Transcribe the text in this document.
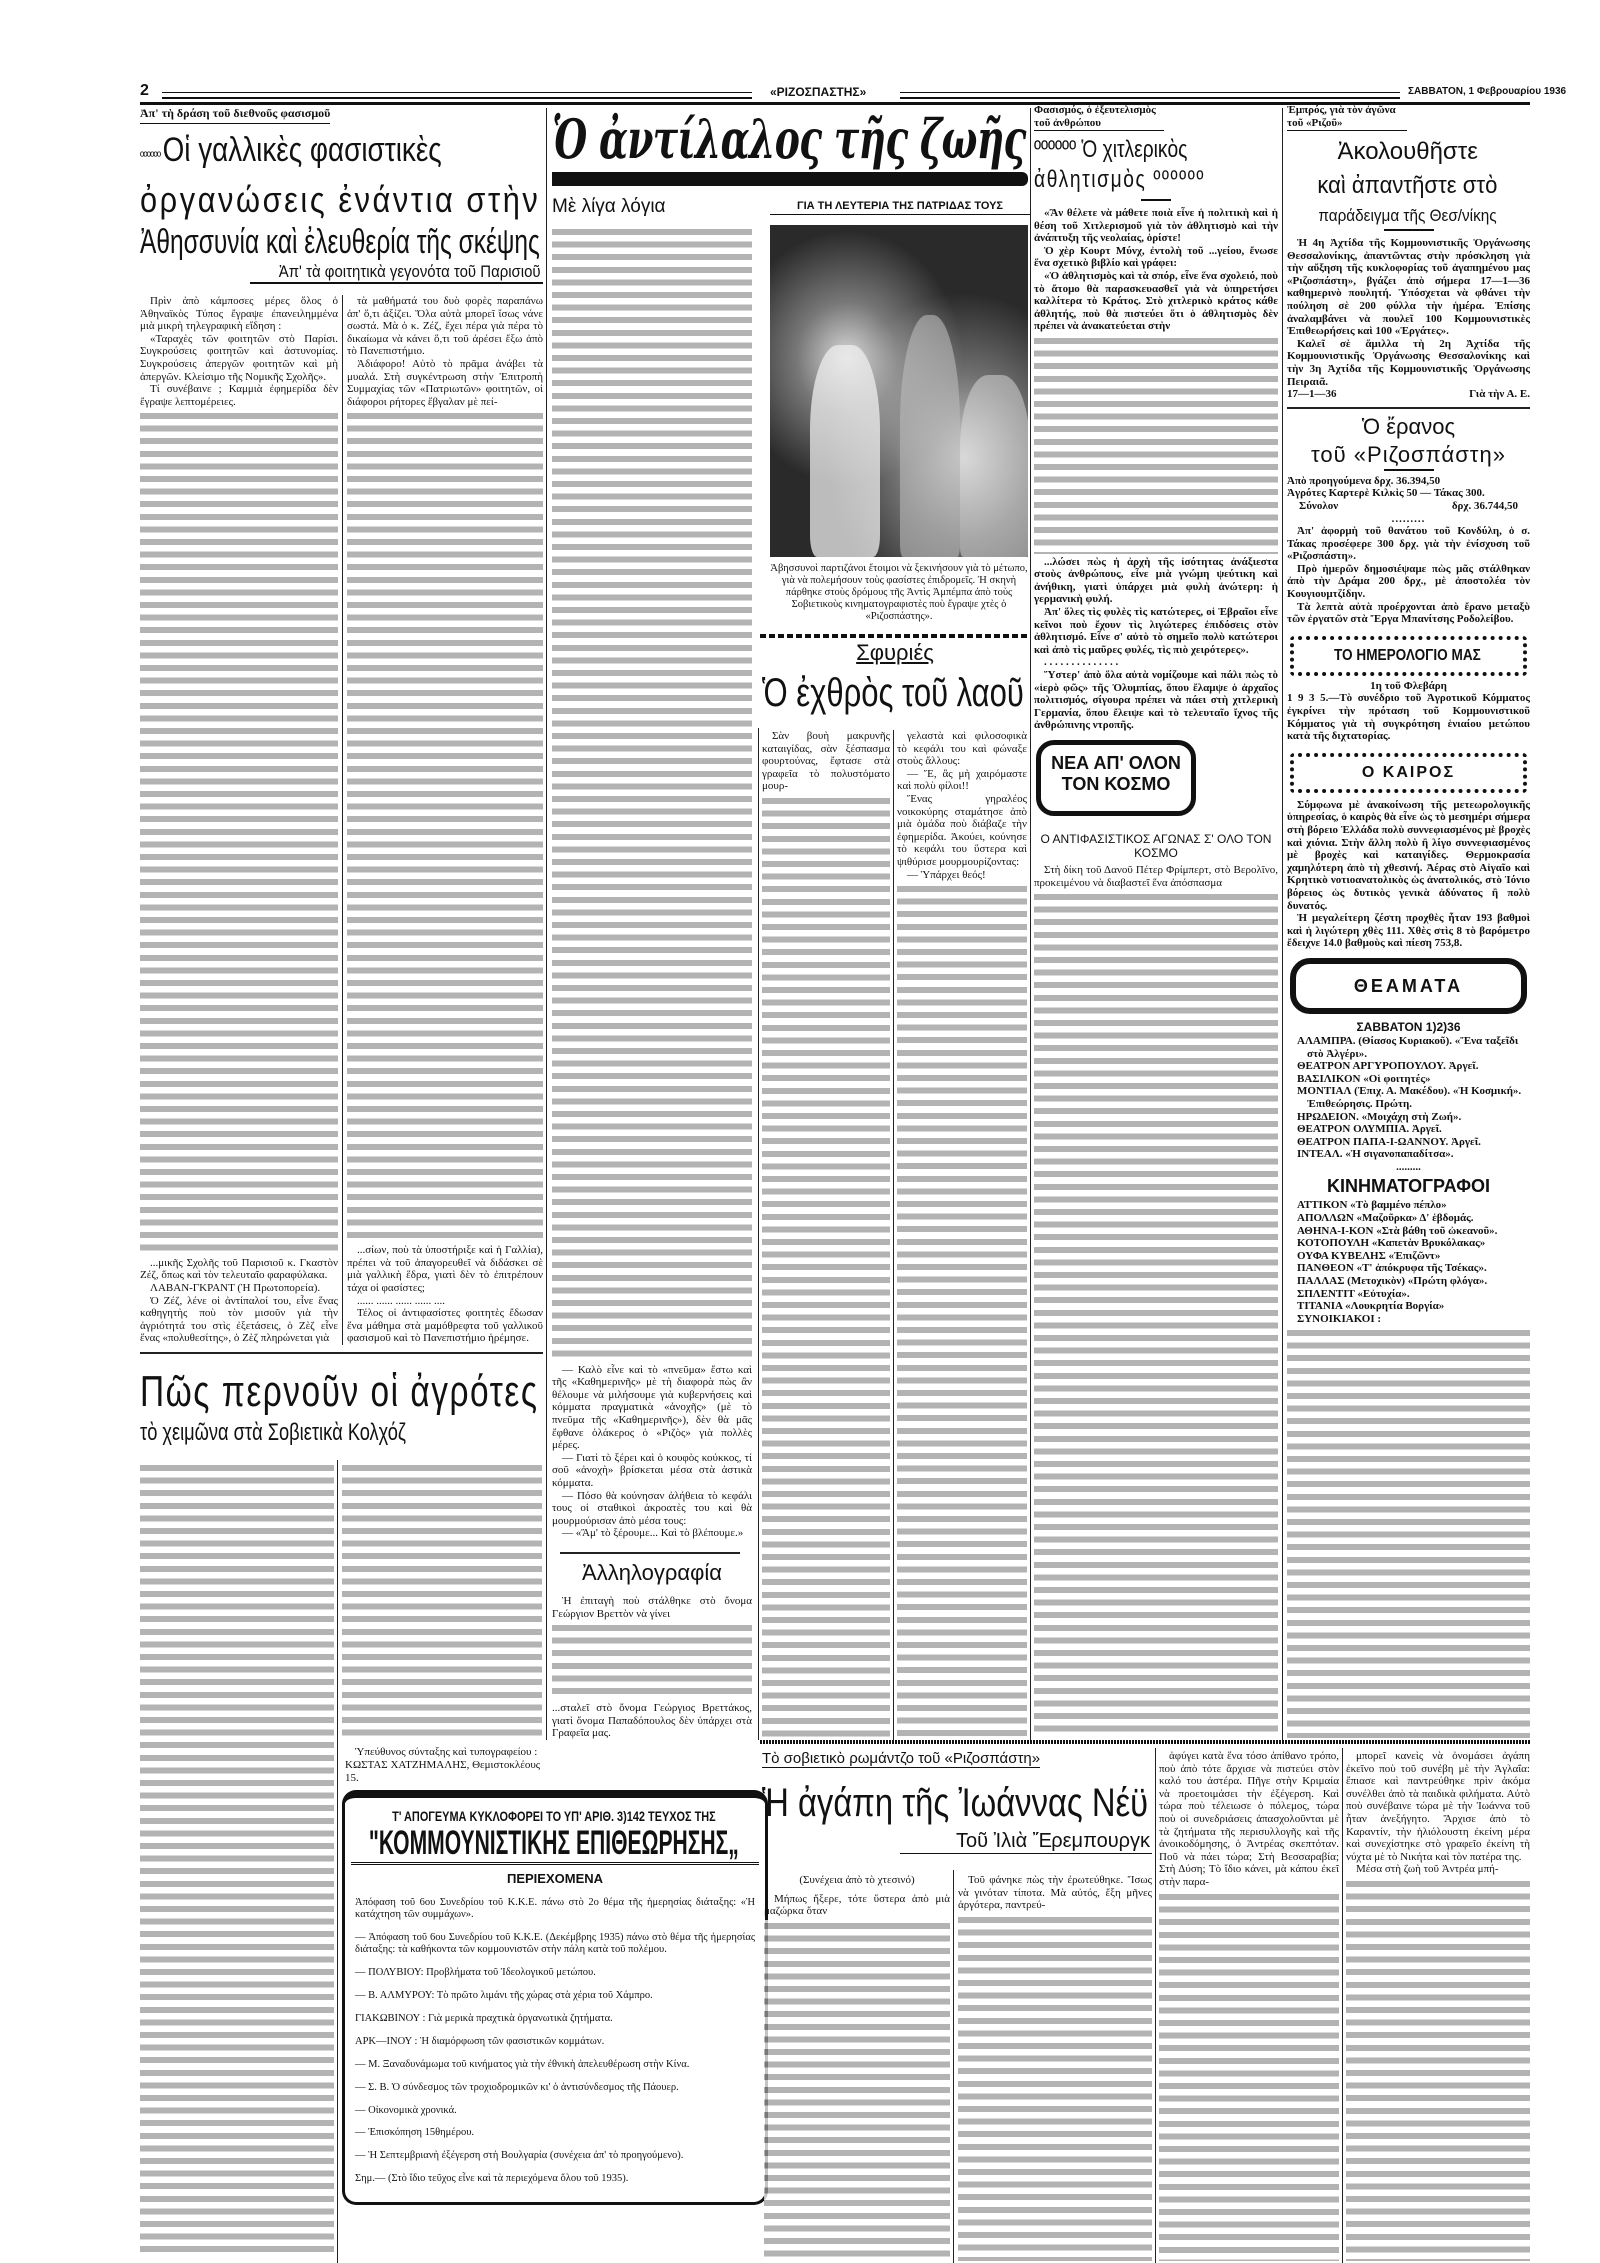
2	«ΡΙΖΟΣΠΑΣΤΗΣ»	ΣΑΒΒΑΤΟΝ, 1 Φεβρουαρίου 1936
Ἀπ' τὴ δράση τοῦ διεθνοῦς φασισμοῦ
ºººººº Οἱ γαλλικὲς φασιστικὲς
ὀργανώσεις ἐνάντια στὴν
Ἀθησσυνία καὶ ἐλευθερία τῆς σκέψης
Ἀπ' τὰ φοιτητικὰ γεγονότα τοῦ Παρισιοῦ

Πρὶν ἀπὸ κάμποσες μέρες ὅλος ὁ Ἀθηναϊκὸς Τύπος ἔγραψε ἐπανειλημμένα μιὰ μικρὴ τηλεγραφικὴ εἴδηση :

«Ταραχὲς τῶν φοιτητῶν στὸ Παρίσι. Συγκρούσεις φοιτητῶν καὶ ἀστυνομίας. Συγκρούσεις ἀπεργῶν φοιτητῶν καὶ μὴ ἀπεργῶν. Κλείσιμο τῆς Νομικῆς Σχολῆς».

Τί συνέβαινε ; Καμμιὰ ἐφημερίδα δὲν ἔγραψε λεπτομέρειες.

...μικῆς Σχολῆς τοῦ Παρισιοῦ κ. Γκαστὸν Ζέζ, ὅπως καὶ τὸν τελευταῖο φαραφύλακα.

ΛΑΒΑΝ-ΓΚΡΑΝΤ (Ἡ Πρωτοπορεία).

Ὁ Ζέζ, λένε οἱ ἀντίπαλοί του, εἶνε ἕνας καθηγητὴς ποὺ τὸν μισοῦν γιὰ τὴν ἀγριότητά του στὶς ἐξετάσεις, ὁ Ζὲζ εἶνε ἕνας «πολυθεσίτης», ὁ Ζὲζ πληρώνεται γιὰ

τὰ μαθήματά του δυὸ φορὲς παραπάνω ἀπ' ὅ,τι ἀξίζει. Ὅλα αὐτὰ μπορεῖ ἴσως νάνε σωστά. Μὰ ὁ κ. Ζέζ, ἔχει πέρα γιὰ πέρα τὸ δικαίωμα νὰ κάνει ὅ,τι τοῦ ἀρέσει ἔξω ἀπὸ τὸ Πανεπιστήμιο.

Ἀδιάφορο! Αὐτὸ τὸ πρᾶμα ἀνάβει τὰ μυαλά. Στὴ συγκέντρωση στὴν Ἐπιτροπὴ Συμμαχίας τῶν «Πατριωτῶν» φοιτητῶν, οἱ διάφοροι ρήτορες ἔβγαλαν μὲ πεί-

...σίων, ποὺ τὰ ὑποστήριξε καὶ ἡ Γαλλία), πρέπει νὰ τοῦ ἀπαγορευθεῖ νὰ διδάσκει σὲ μιὰ γαλλικὴ ἕδρα, γιατὶ δὲν τὸ ἐπιτρέπουν τάχα οἱ φασίστες;

...... ...... ...... ...... ....

Τέλος οἱ ἀντιφασίστες φοιτητὲς ἔδωσαν ἕνα μάθημα στὰ μαμόθρεφτα τοῦ γαλλικοῦ φασισμοῦ καὶ τὸ Πανεπιστήμιο ἡρέμησε.

Πῶς περνοῦν οἱ ἀγρότες
τὸ χειμῶνα στὰ Σοβιετικὰ Κολχόζ
Ὑπεύθυνος σύνταξης καὶ τυπογραφείου : ΚΩΣΤΑΣ ΧΑΤΖΗΜΑΛΗΣ, Θεμιστοκλέους 15.
Τ' ΑΠΟΓΕΥΜΑ ΚΥΚΛΟΦΟΡΕΙ ΤΟ ΥΠ' ΑΡΙΘ. 3)142 ΤΕΥΧΟΣ ΤΗΣ
"ΚΟΜΜΟΥΝΙΣΤΙΚΗΣ ΕΠΙΘΕΩΡΗΣΗΣ„
ΠΕΡΙΕΧΟΜΕΝΑ

Ἀπόφαση τοῦ 6ου Συνεδρίου τοῦ Κ.Κ.Ε. πάνω στὸ 2ο θέμα τῆς ἡμερησίας διάταξης: «Ἡ κατάχτηση τῶν συμμάχων».

— Ἀπόφαση τοῦ 6ου Συνεδρίου τοῦ Κ.Κ.Ε. (Δεκέμβρης 1935) πάνω στὸ θέμα τῆς ἡμερησίας διάταξης: τὰ καθήκοντα τῶν κομμουνιστῶν στὴν πάλη κατὰ τοῦ πολέμου.

— ΠΟΛΥΒΙΟΥ: Προβλήματα τοῦ Ἰδεολογικοῦ μετώπου.

— Β. ΑΛΜΥΡΟΥ: Τὸ πρῶτο λιμάνι τῆς χώρας στὰ χέρια τοῦ Χάμπρο.

ΓΙΑΚΩΒΙΝΟΥ : Γιὰ μερικὰ πραχτικὰ ὀργανωτικὰ ζητήματα.

ΑΡΚ—ΙΝΟΥ : Ἡ διαμόρφωση τῶν φασιστικῶν κομμάτων.

— Μ. Ξαναδυνάμωμα τοῦ κινήματος γιὰ τὴν ἐθνικὴ ἀπελευθέρωση στὴν Κίνα.

— Σ. Β. Ὁ σύνδεσμος τῶν τροχιοδρομικῶν κι' ὁ ἀντισύνδεσμος τῆς Πάουερ.

— Οἰκονομικὰ χρονικά.

— Ἐπισκόπηση 15θημέρου.

— Ἡ Σεπτεμβριανὴ ἐξέγερση στὴ Βουλγαρία (συνέχεια ἀπ' τὸ προηγούμενο).

Σημ.— (Στὸ ἴδιο τεῦχος εἶνε καὶ τὰ περιεχόμενα ὅλου τοῦ 1935).

Ὁ ἀντίλαλος τῆς ζωῆς
Μὲ λίγα λόγια

— Καλὸ εἶνε καὶ τὸ «πνεῦμα» ἔστω καὶ τῆς «Καθημερινῆς» μὲ τὴ διαφορὰ πὼς ἂν θέλουμε νὰ μιλήσουμε γιὰ κυβερνήσεις καὶ κόμματα πραγματικὰ «ἀνοχῆς» (μὲ τὸ πνεῦμα τῆς «Καθημερινῆς»), δὲν θὰ μᾶς ἔφθανε ὁλάκερος ὁ «Ριζὸς» γιὰ πολλὲς μέρες.

— Γιατὶ τὸ ξέρει καὶ ὁ κουφὸς κούκκος, τί σοῦ «ἀνοχὴ» βρίσκεται μέσα στὰ ἀστικὰ κόμματα.

— Πόσο θὰ κούνησαν ἀλήθεια τὸ κεφάλι τους οἱ σταθικοὶ ἀκροατὲς του καὶ θὰ μουρμούρισαν ἀπὸ μέσα τους:

— «Ἄμ' τὸ ξέρουμε... Καὶ τὸ βλέπουμε.»

Ἀλληλογραφία

Ἡ ἐπιταγὴ ποὺ στάλθηκε στὸ ὄνομα Γεώργιον Βρεττὸν νὰ γίνει

...σταλεῖ στὸ ὄνομα Γεώργιος Βρεττάκος, γιατὶ ὄνομα Παπαδόπουλος δὲν ὑπάρχει στὰ Γραφεῖα μας.

ΓΙΑ ΤΗ ΛΕΥΤΕΡΙΑ ΤΗΣ ΠΑΤΡΙΔΑΣ ΤΟΥΣ
Ἀβησσυνοὶ παρτιζάνοι ἕτοιμοι νὰ ξεκινήσουν γιὰ τὸ μέτωπο, γιὰ νὰ πολεμήσουν τοὺς φασίστες ἐπιδρομεῖς. Ἡ σκηνὴ πάρθηκε στοὺς δρόμους τῆς Ἀντὶς Ἀμπέμπα ἀπὸ τοὺς Σοβιετικοὺς κινηματογραφιστὲς ποὺ ἔγραψε χτὲς ὁ «Ριζοσπάστης».
Σφυριές
Ὁ ἐχθρὸς τοῦ λαοῦ

Σὰν βουὴ μακρυνῆς καταιγίδας, σὰν ξέσπασμα φουρτούνας, ἔφτασε στὰ γραφεῖα τὸ πολυστόματο μουρ-

γελαστὰ καὶ φιλοσοφικὰ τὸ κεφάλι του καὶ φώναξε στοὺς ἄλλους:

— Ἔ, ἂς μὴ χαιρόμαστε καὶ πολὺ φίλοι!!

Ἕνας γηραλέος νοικοκύρης σταμάτησε ἀπὸ μιὰ ὁμάδα ποὺ διάβαζε τὴν ἐφημερίδα. Ἀκούει, κούνησε τὸ κεφάλι του ὕστερα καὶ ψιθύρισε μουρμουρίζοντας:

— Ὑπάρχει θεός!

Φασισμός, ὁ ἐξευτελισμὸς τοῦ ἀνθρώπου
ºººººº Ὁ χιτλερικὸς
ἀθλητισμὸς ºººººº

«Ἂν θέλετε νὰ μάθετε ποιὰ εἶνε ἡ πολιτικὴ καὶ ἡ θέση τοῦ Χιτλερισμοῦ γιὰ τὸν ἀθλητισμὸ καὶ τὴν ἀνάπτυξη τῆς νεολαίας, ὁρίστε!

Ὁ χὲρ Κουρτ Μύνχ, ἐντολὴ τοῦ ...γείου, ἔνωσε ἕνα σχετικὸ βιβλίο καὶ γράφει:

«Ὁ ἀθλητισμὸς καὶ τὰ σπόρ, εἶνε ἕνα σχολειό, ποὺ τὸ ἄτομο θὰ παρασκευασθεῖ γιὰ νὰ ὑπηρετήσει καλλίτερα τὸ Κράτος. Στὸ χιτλερικὸ κράτος κάθε ἀθλητής, ποὺ θὰ πιστεύει ὅτι ὁ ἀθλητισμὸς δὲν πρέπει νὰ ἀνακατεύεται στὴν

...λώσει πὼς ἡ ἀρχὴ τῆς ἰσότητας ἀνάξιεστα στοὺς ἀνθρώπους, εἶνε μιὰ γνώμη ψεύτικη καὶ ἀνήθικη, γιατὶ ὑπάρχει μιὰ φυλὴ ἀνώτερη: ἡ γερμανικὴ φυλή.

Ἀπ' ὅλες τὶς φυλὲς τὶς κατώτερες, οἱ Ἑβραῖοι εἶνε κεῖνοι ποὺ ἔχουν τὶς λιγώτερες ἐπιδόσεις στὸν ἀθλητισμό. Εἶνε σ' αὐτὸ τὸ σημεῖο πολὺ κατώτεροι καὶ ἀπὸ τὶς μαῦρες φυλές, τὶς πιὸ χειρότερες».

. . . . . . . . . . . . . .

Ὕστερ' ἀπὸ ὅλα αὐτὰ νομίζουμε καὶ πάλι πὼς τὸ «ἱερὸ φῶς» τῆς Ὀλυμπίας, ὅπου ἔλαμψε ὁ ἀρχαῖος πολιτισμός, σίγουρα πρέπει νὰ πάει στὴ χιτλερικὴ Γερμανία, ὅπου ἔλειψε καὶ τὸ τελευταῖο ἴχνος τῆς ἀνθρώπινης ντροπῆς.

ΝΕΑ ΑΠ' ΟΛΟΝ
ΤΟΝ ΚΟΣΜΟ
Ο ΑΝΤΙΦΑΣΙΣΤΙΚΟΣ ΑΓΩΝΑΣ Σ' ΟΛΟ ΤΟΝ ΚΟΣΜΟ

Στὴ δίκη τοῦ Δανοῦ Πέτερ Φρίμπερτ, στὸ Βερολῖνο, προκειμένου νὰ διαβαστεῖ ἕνα ἀπόσπασμα

Ἐμπρός, γιὰ τὸν ἀγῶνα τοῦ «Ριζοῦ»
Ἀκολουθῆστε
καὶ ἀπαντῆστε στὸ
παράδειγμα τῆς Θεσ/νίκης

Ἡ 4η Ἀχτίδα τῆς Κομμουνιστικῆς Ὀργάνωσης Θεσσαλονίκης, ἀπαντῶντας στὴν πρόσκληση γιὰ τὴν αὔξηση τῆς κυκλοφορίας τοῦ ἀγαπημένου μας «Ριζοσπάστη», βγάζει ἀπὸ σήμερα 17—1—36 καθημερινὸ πουλητή. Ὑπόσχεται νὰ φθάνει τὴν πούληση σὲ 200 φύλλα τὴν ἡμέρα. Ἐπίσης ἀναλαμβάνει νὰ πουλεῖ 100 Κομμουνιστικὲς Ἐπιθεωρήσεις καὶ 100 «Ἐργάτες».

Καλεῖ σὲ ἅμιλλα τὴ 2η Ἀχτίδα τῆς Κομμουνιστικῆς Ὀργάνωσης Θεσσαλονίκης καὶ τὴν 3η Ἀχτίδα τῆς Κομμουνιστικῆς Ὀργάνωσης Πειραιᾶ.

17—1—36	Γιὰ τὴν Α. Ε.
Ὁ ἔρανος
τοῦ «Ριζοσπάστη»
Ἀπὸ προηγούμενα δρχ. 36.394,50
Ἀγρότες Καρτερὲ Κιλκὶς 50 — Τάκας 300.
Σύνολον	δρχ. 36.744,50
.........

Ἀπ' ἀφορμὴ τοῦ θανάτου τοῦ Κονδύλη, ὁ σ. Τάκας προσέφερε 300 δρχ. γιὰ τὴν ἐνίσχυση τοῦ «Ριζοσπάστη».

Πρὸ ἡμερῶν δημοσιέψαμε πὼς μᾶς στάλθηκαν ἀπὸ τὴν Δράμα 200 δρχ., μὲ ἀποστολέα τὸν Κουγιουμτζίδην.

Τὰ λεπτὰ αὐτὰ προέρχονται ἀπὸ ἔρανο μεταξὺ τῶν ἐργατῶν στὰ Ἔργα Μπανίτσης Ροδολείβου.

ΤΟ ΗΜΕΡΟΛΟΓΙΟ ΜΑΣ
1η τοῦ Φλεβάρη
1 9 3 5.—Τὸ συνέδριο τοῦ Ἀγροτικοῦ Κόμματος ἐγκρίνει τὴν πρόταση τοῦ Κομμουνιστικοῦ Κόμματος γιὰ τὴ συγκρότηση ἑνιαίου μετώπου κατὰ τῆς διχτατορίας.
Ο ΚΑΙΡΟΣ

Σύμφωνα μὲ ἀνακοίνωση τῆς μετεωρολογικῆς ὑπηρεσίας, ὁ καιρὸς θὰ εἶνε ὡς τὸ μεσημέρι σήμερα στὴ βόρειο Ἑλλάδα πολὺ συννεφιασμένος μὲ βροχὲς καὶ χιόνια. Στὴν ἄλλη πολὺ ἢ λίγο συννεφιασμένος μὲ βροχὲς καὶ καταιγίδες. Θερμοκρασία χαμηλότερη ἀπὸ τὴ χθεσινή. Ἀέρας στὸ Αἰγαῖο καὶ Κρητικὸ νοτιοανατολικὸς ὡς ἀνατολικός, στὸ Ἰόνιο βόρειος ὡς δυτικὸς γενικὰ ἀδύνατος ἢ πολὺ δυνατός.

Ἡ μεγαλείτερη ζέστη προχθὲς ἦταν 193 βαθμοὶ καὶ ἡ λιγώτερη χθὲς 111. Χθὲς στὶς 8 τὸ βαρόμετρο ἔδειχνε 14.0 βαθμοὺς καὶ πίεση 753,8.

ΘΕΑΜΑΤΑ
ΣΑΒΒΑΤΟΝ 1)2)36
ΑΛΑΜΠΡΑ. (Θίασος Κυριακοῦ). «Ἕνα ταξεῖδι στὸ Ἀλγέρι».
ΘΕΑΤΡΟΝ ΑΡΓΥΡΟΠΟΥΛΟΥ. Ἀργεῖ.
ΒΑΣΙΛΙΚΟΝ «Οἱ φοιτητές»
ΜΟΝΤΙΑΛ (Ἐπιχ. Α. Μακέδου). «Ἡ Κοσμική». Ἐπιθεώρησις. Πρώτη.
ΗΡΩΔΕΙΟΝ. «Μοιχάχη στὴ Ζωή».
ΘΕΑΤΡΟΝ ΟΛΥΜΠΙΑ. Ἀργεῖ.
ΘΕΑΤΡΟΝ ΠΑΠΑ-Ι-ΩΑΝΝΟΥ. Ἀργεῖ.
ΙΝΤΕΑΛ. «Ἡ σιγανοπαπαδίτσα».
.........
ΚΙΝΗΜΑΤΟΓΡΑΦΟΙ
ΑΤΤΙΚΟΝ «Τὸ βαμμένο πέπλο»
ΑΠΟΛΛΩΝ «Μαζοῦρκα» Δ' ἑβδομάς.
ΑΘΗΝΑ-Ι-ΚΟΝ «Στὰ βάθη τοῦ ὠκεανοῦ».
ΚΟΤΟΠΟΥΛΗ «Καπετὰν Βρυκόλακας»
ΟΥΦΑ ΚΥΒΕΛΗΣ «Ἐπιζῶντ»
ΠΑΝΘΕΟΝ «Τ' ἀπόκρυφα τῆς Τσέκας».
ΠΑΛΛΑΣ (Μετοχικὸν) «Πρώτη φλόγα».
ΣΠΛΕΝΤΙΤ «Εὐτυχία».
ΤΙΤΑΝΙΑ «Λουκρητία Βοργία»
ΣΥΝΟΙΚΙΑΚΟΙ :
Τὸ σοβιετικὸ ρωμάντζο τοῦ «Ριζοσπάστη»
Ἡ ἀγάπη τῆς Ἰωάννας Νέϋ
Τοῦ Ἰλιὰ Ἔρεμπουργκ
(Συνέχεια ἀπὸ τὸ χτεσινό)

Μήπως ἤξερε, τότε ὕστερα ἀπὸ μιὰ μαζώρκα ὅταν

Τοῦ φάνηκε πὼς τὴν ἐρωτεύθηκε. Ἴσως νὰ γινόταν τίποτα. Μὰ αὐτός, ἕξη μῆνες ἀργότερα, παντρεύ-

ἀφύγει κατὰ ἕνα τόσο ἀπίθανο τρόπο, ποὺ ἀπὸ τότε ἄρχισε νὰ πιστεύει στὸν καλό του ἀστέρα. Πῆγε στὴν Κριμαία νὰ προετοιμάσει τὴν ἐξέγερση. Καὶ τώρα ποὺ τέλειωσε ὁ πόλεμος, τώρα ποὺ οἱ συνεδριάσεις ἀπασχολοῦνται μὲ τὰ ζητήματα τῆς περισυλλογῆς καὶ τῆς ἀνοικοδόμησης, ὁ Ἀντρέας σκεπτόταν. Ποῦ νὰ πάει τώρα; Στὴ Βεσσαραβία; Στὴ Δύση; Τὸ ἴδιο κάνει, μὰ κάπου ἐκεῖ στὴν παρα-

μπορεῖ κανεὶς νὰ ὀνομάσει ἀγάπη ἐκεῖνο ποὺ τοῦ συνέβη μὲ τὴν Ἀγλαΐα: ἔπιασε καὶ παντρεύθηκε πρὶν ἀκόμα συνέλθει ἀπὸ τὰ παιδικὰ φιλήματα. Αὐτὸ ποὺ συνέβαινε τώρα μὲ τὴν Ἰωάννα τοῦ ἦταν ἀνεξήγητο. Ἄρχισε ἀπὸ τὸ Καραντίν, τὴν ἡλιόλουστη ἐκείνη μέρα καὶ συνεχίστηκε στὸ γραφεῖο ἐκείνη τὴ νύχτα μὲ τὸ Νικήτα καὶ τὸν πατέρα της.

Μέσα στὴ ζωὴ τοῦ Ἀντρέα μπή-
